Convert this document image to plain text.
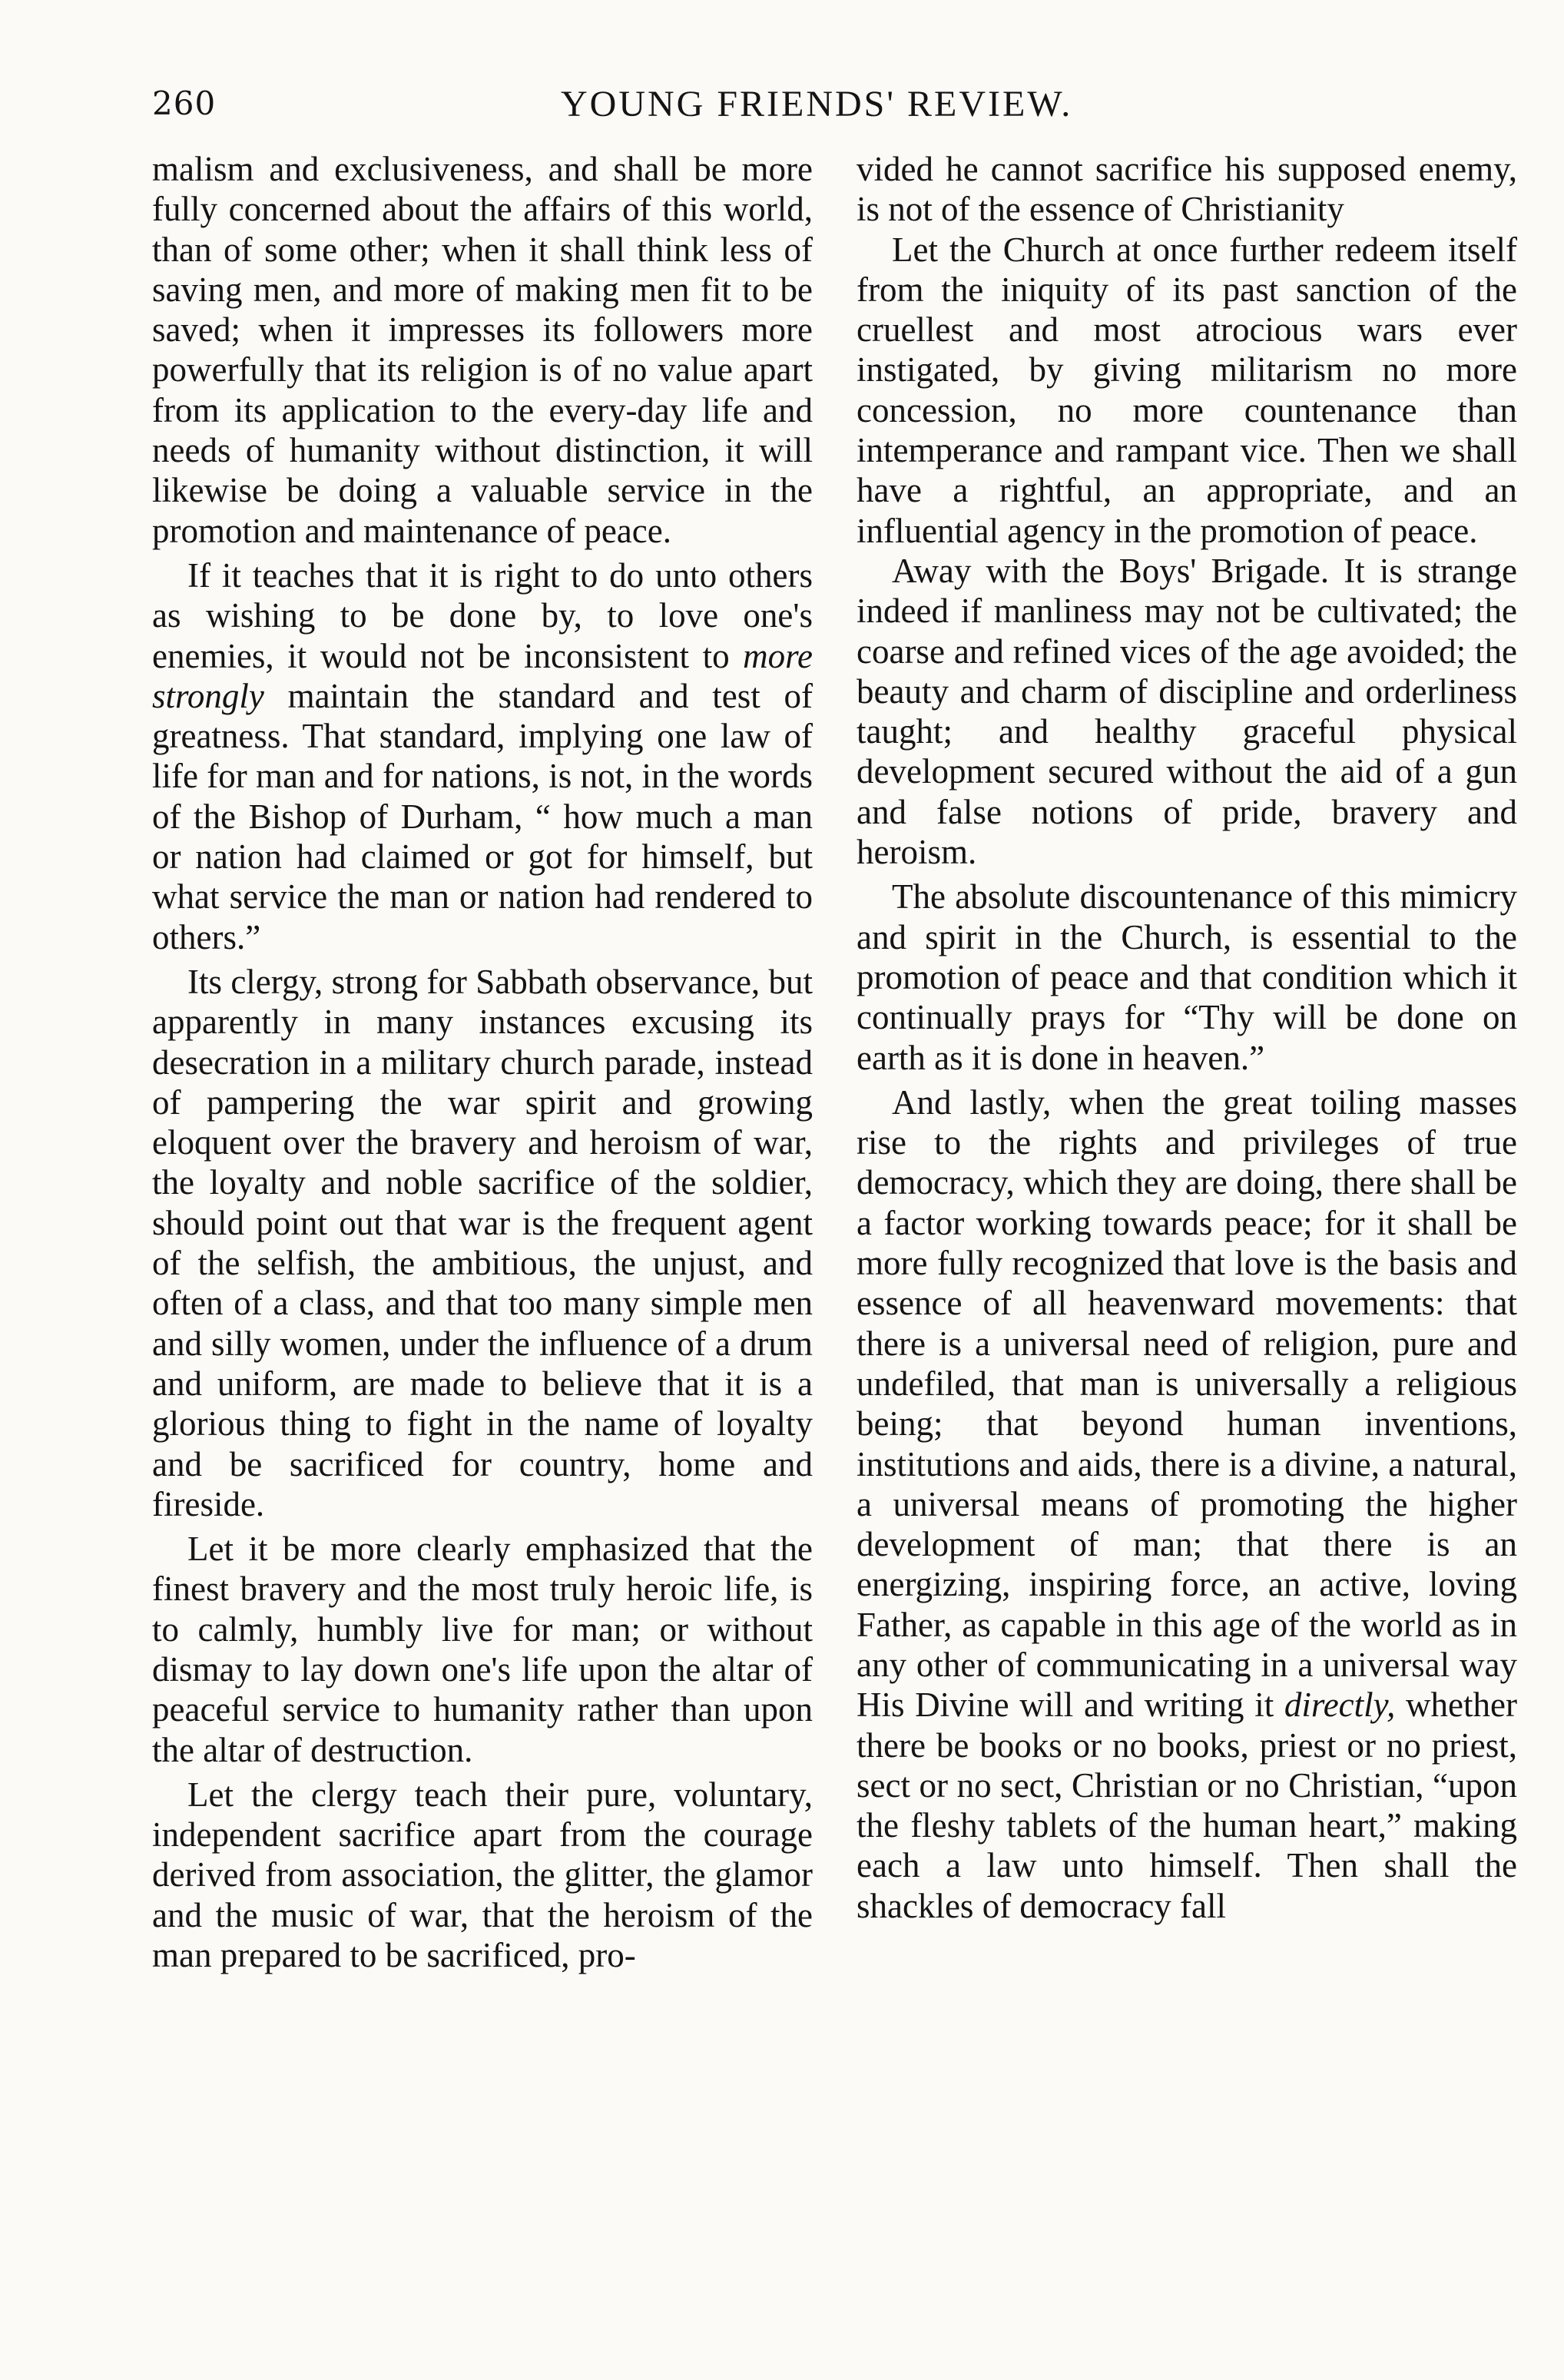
260	YOUNG FRIENDS' REVIEW.

malism and exclusiveness, and shall be more fully concerned about the affairs of this world, than of some other; when it shall think less of saving men, and more of making men fit to be saved; when it impresses its followers more powerfully that its religion is of no value apart from its application to the every-day life and needs of humanity without distinction, it will likewise be doing a valuable service in the promotion and maintenance of peace.

If it teaches that it is right to do unto others as wishing to be done by, to love one's enemies, it would not be inconsistent to more strongly maintain the standard and test of greatness. That standard, implying one law of life for man and for nations, is not, in the words of the Bishop of Durham, “ how much a man or nation had claimed or got for himself, but what service the man or nation had rendered to others.”

Its clergy, strong for Sabbath observance, but apparently in many instances excusing its desecration in a military church parade, instead of pampering the war spirit and growing eloquent over the bravery and heroism of war, the loyalty and noble sacrifice of the soldier, should point out that war is the frequent agent of the selfish, the ambitious, the unjust, and often of a class, and that too many simple men and silly women, under the influence of a drum and uniform, are made to believe that it is a glorious thing to fight in the name of loyalty and be sacrificed for country, home and fireside.

Let it be more clearly emphasized that the finest bravery and the most truly heroic life, is to calmly, humbly live for man; or without dismay to lay down one's life upon the altar of peaceful service to humanity rather than upon the altar of destruction.

Let the clergy teach their pure, voluntary, independent sacrifice apart from the courage derived from association, the glitter, the glamor and the music of war, that the heroism of the man prepared to be sacrificed, pro-

vided he cannot sacrifice his supposed enemy, is not of the essence of Christianity

Let the Church at once further redeem itself from the iniquity of its past sanction of the cruellest and most atrocious wars ever instigated, by giving militarism no more concession, no more countenance than intemperance and rampant vice. Then we shall have a rightful, an appropriate, and an influential agency in the promotion of peace.

Away with the Boys' Brigade. It is strange indeed if manliness may not be cultivated; the coarse and refined vices of the age avoided; the beauty and charm of discipline and orderliness taught; and healthy graceful physical development secured without the aid of a gun and false notions of pride, bravery and heroism.

The absolute discountenance of this mimicry and spirit in the Church, is essential to the promotion of peace and that condition which it continually prays for “Thy will be done on earth as it is done in heaven.”

And lastly, when the great toiling masses rise to the rights and privileges of true democracy, which they are doing, there shall be a factor working towards peace; for it shall be more fully recognized that love is the basis and essence of all heavenward movements: that there is a universal need of religion, pure and undefiled, that man is universally a religious being; that beyond human inventions, institutions and aids, there is a divine, a natural, a universal means of promoting the higher development of man; that there is an energizing, inspiring force, an active, loving Father, as capable in this age of the world as in any other of communicating in a universal way His Divine will and writing it directly, whether there be books or no books, priest or no priest, sect or no sect, Christian or no Christian, “upon the fleshy tablets of the human heart,” making each a law unto himself. Then shall the shackles of democracy fall
